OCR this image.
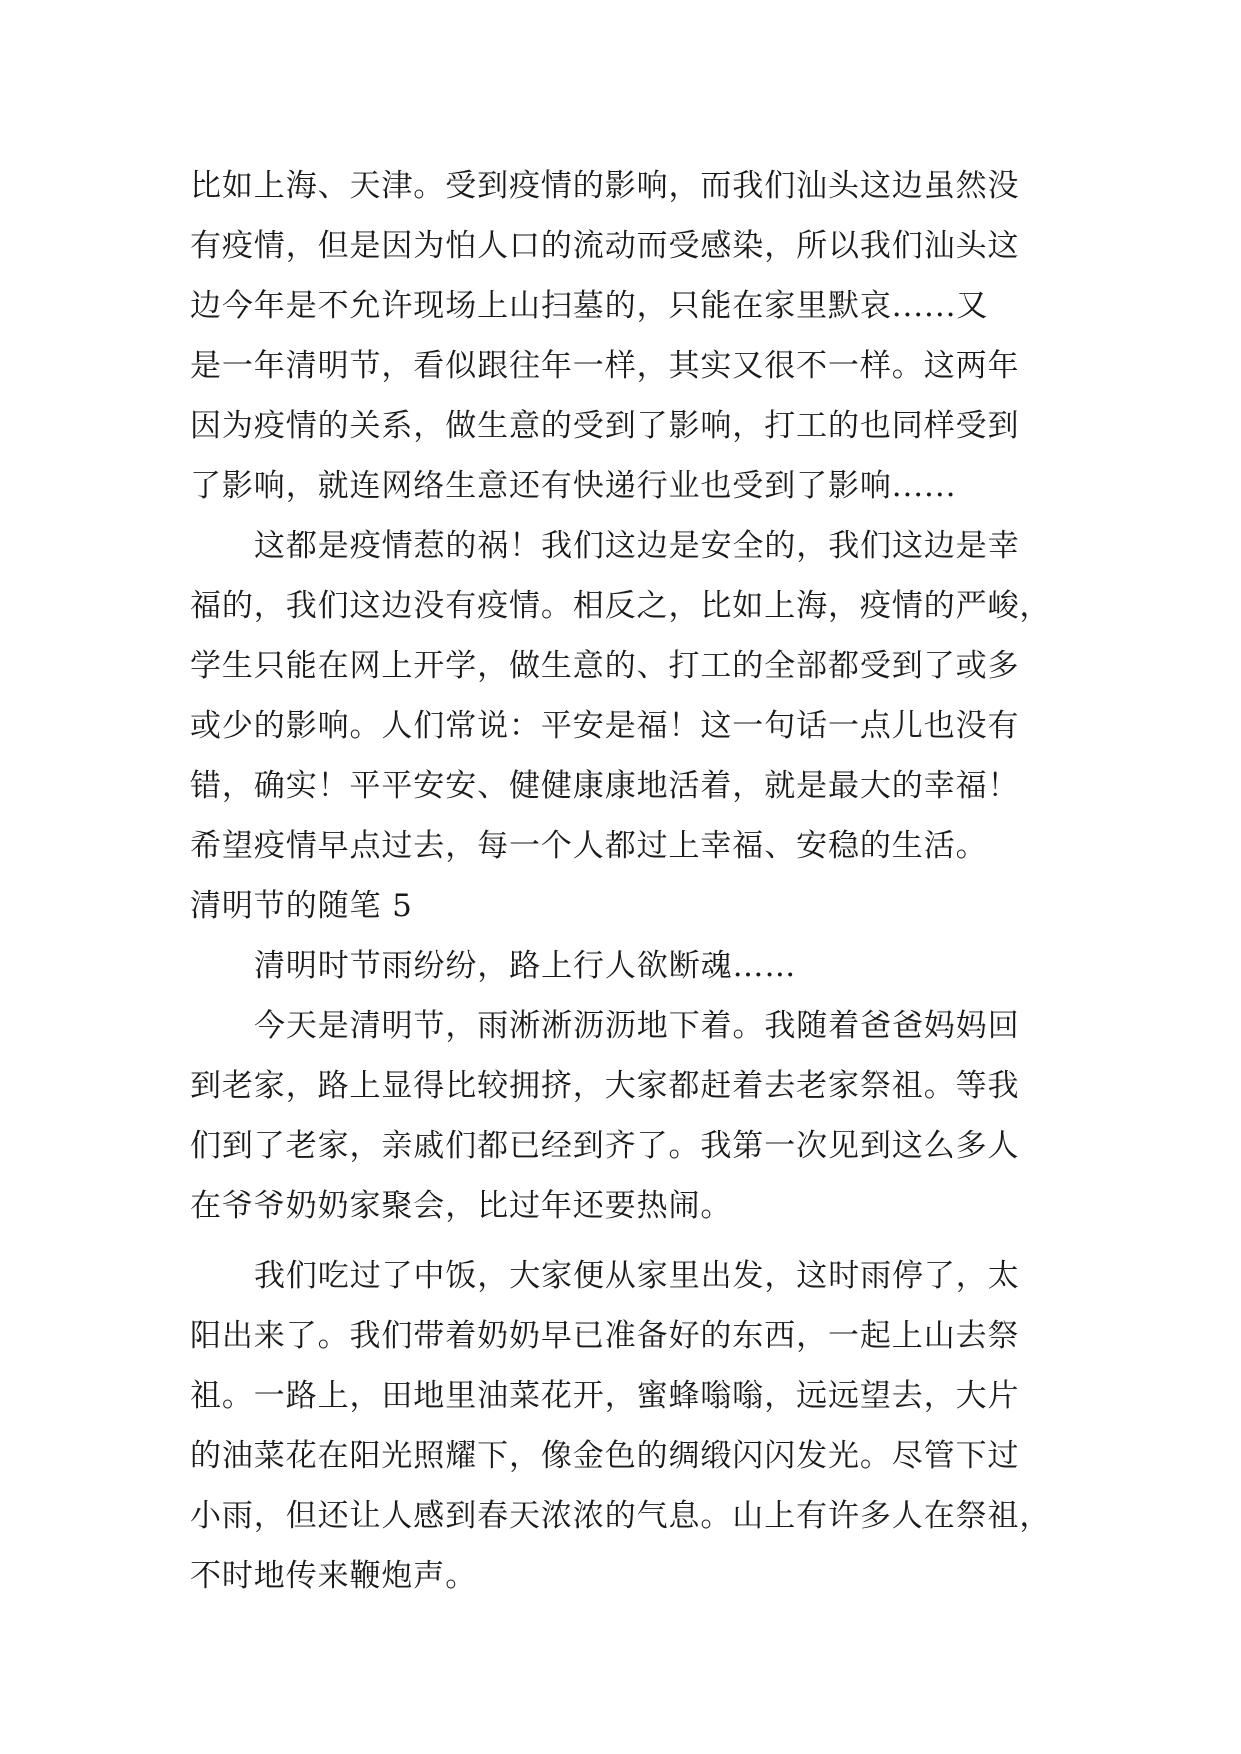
比如上海、天津。受到疫情的影响，而我们汕头这边虽然没
有疫情，但是因为怕人口的流动而受感染，所以我们汕头这
边今年是不允许现场上山扫墓的，只能在家里默哀......又
是一年清明节，看似跟往年一样，其实又很不一样。这两年
因为疫情的关系，做生意的受到了影响，打工的也同样受到
了影响，就连网络生意还有快递行业也受到了影响......
这都是疫情惹的祸！我们这边是安全的，我们这边是幸
福的，我们这边没有疫情。相反之，比如上海，疫情的严峻，
学生只能在网上开学，做生意的、打工的全部都受到了或多
或少的影响。人们常说：平安是福！这一句话一点儿也没有
错，确实！平平安安、健健康康地活着，就是最大的幸福！
希望疫情早点过去，每一个人都过上幸福、安稳的生活。
清明节的随笔 5
清明时节雨纷纷，路上行人欲断魂……
今天是清明节，雨淅淅沥沥地下着。我随着爸爸妈妈回
到老家，路上显得比较拥挤，大家都赶着去老家祭祖。等我
们到了老家，亲戚们都已经到齐了。我第一次见到这么多人
在爷爷奶奶家聚会，比过年还要热闹。
我们吃过了中饭，大家便从家里出发，这时雨停了，太
阳出来了。我们带着奶奶早已准备好的东西，一起上山去祭
祖。一路上，田地里油菜花开，蜜蜂嗡嗡，远远望去，大片
的油菜花在阳光照耀下，像金色的绸缎闪闪发光。尽管下过
小雨，但还让人感到春天浓浓的气息。山上有许多人在祭祖，
不时地传来鞭炮声。
